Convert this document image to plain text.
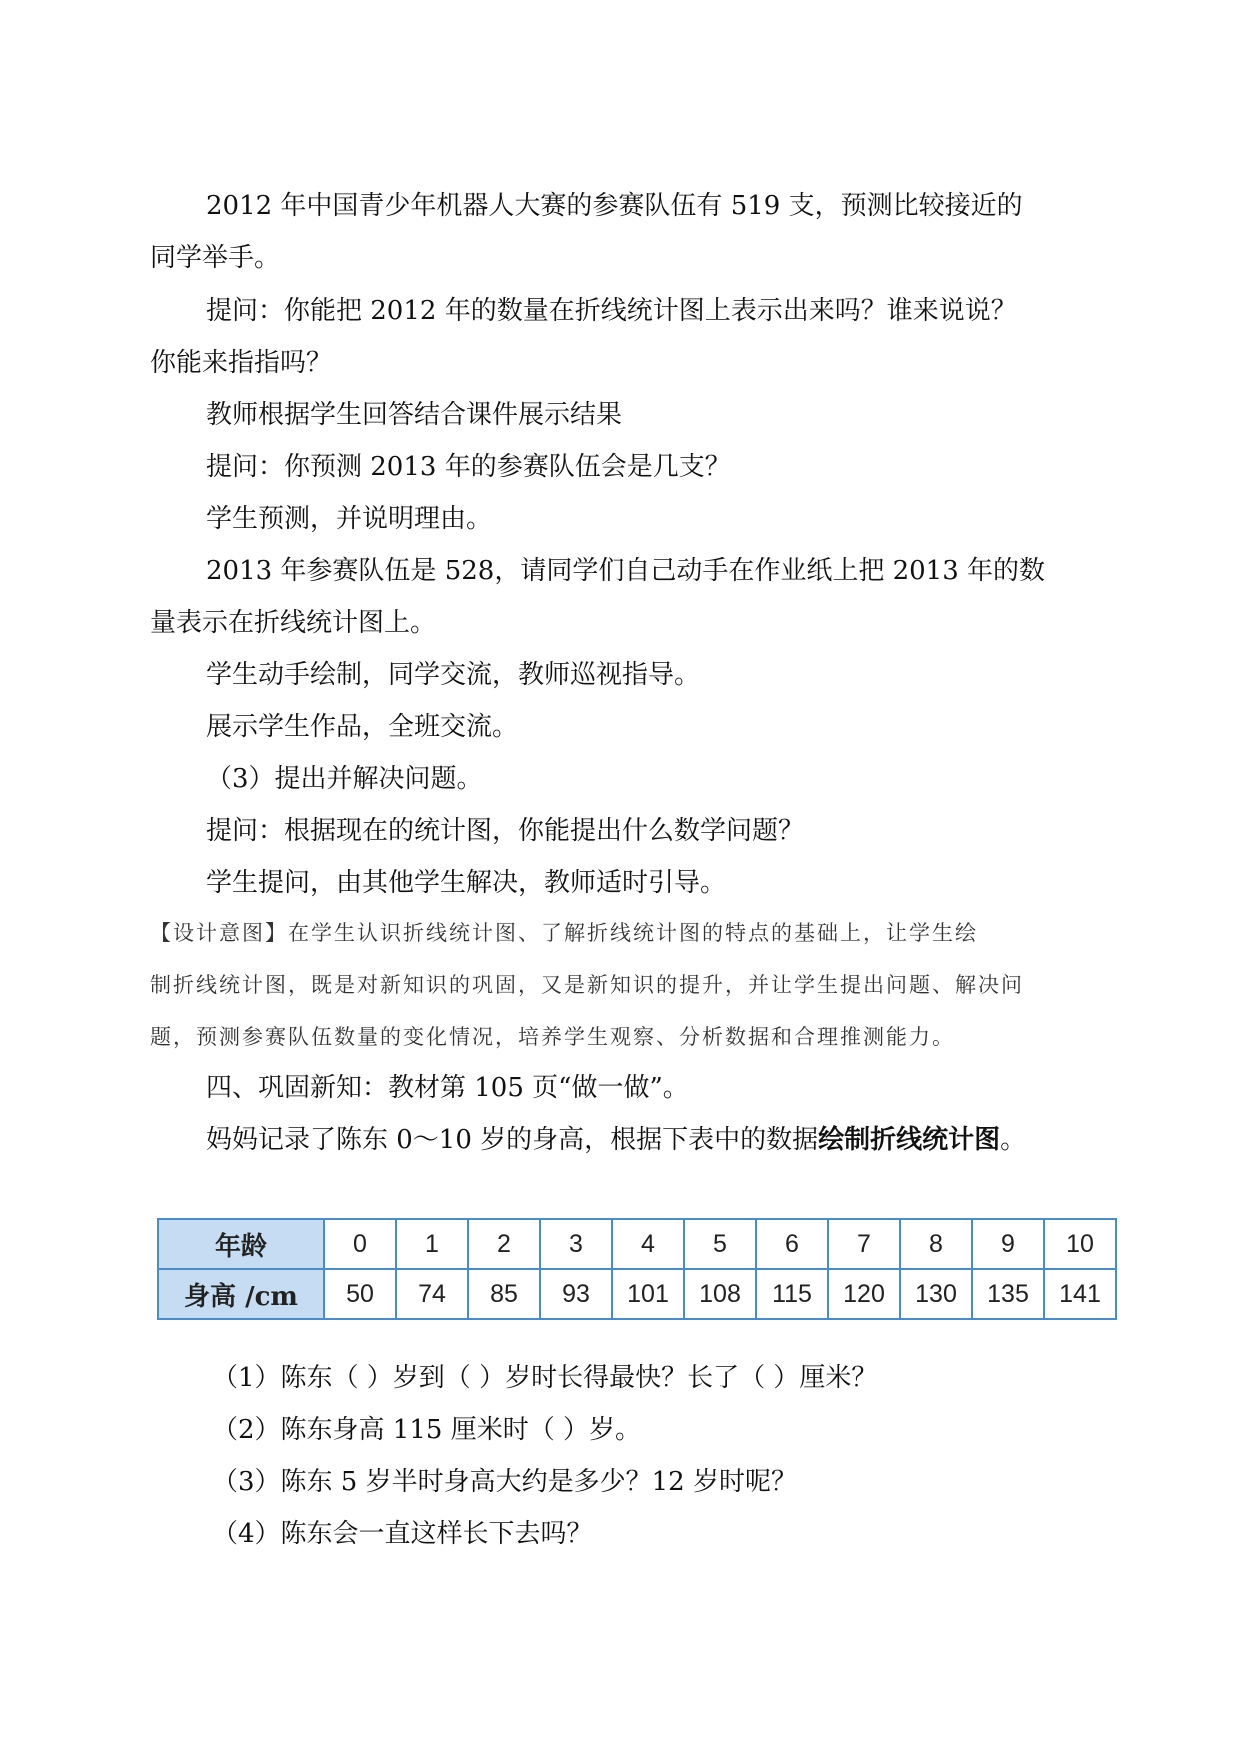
2012 年中国青少年机器人大赛的参赛队伍有 519 支，预测比较接近的
同学举手。
提问：你能把 2012 年的数量在折线统计图上表示出来吗？谁来说说？
你能来指指吗？
教师根据学生回答结合课件展示结果
提问：你预测 2013 年的参赛队伍会是几支？
学生预测，并说明理由。
2013 年参赛队伍是 528，请同学们自己动手在作业纸上把 2013 年的数
量表示在折线统计图上。
学生动手绘制，同学交流，教师巡视指导。
展示学生作品，全班交流。
（3）提出并解决问题。
提问：根据现在的统计图，你能提出什么数学问题？
学生提问，由其他学生解决，教师适时引导。
【设计意图】在学生认识折线统计图、了解折线统计图的特点的基础上，让学生绘
制折线统计图，既是对新知识的巩固，又是新知识的提升，并让学生提出问题、解决问
题，预测参赛队伍数量的变化情况，培养学生观察、分析数据和合理推测能力。
四、巩固新知：教材第 105 页“做一做”。
妈妈记录了陈东 0～10 岁的身高，根据下表中的数据绘制折线统计图。
年龄	0	1	2	3	4	5	6	7	8	9	10
身高 /cm	50	74	85	93	101	108	115	120	130	135	141
（1）陈东（ ）岁到（ ）岁时长得最快？长了（ ）厘米？
（2）陈东身高 115 厘米时（ ）岁。
（3）陈东 5 岁半时身高大约是多少？12 岁时呢？
（4）陈东会一直这样长下去吗？
